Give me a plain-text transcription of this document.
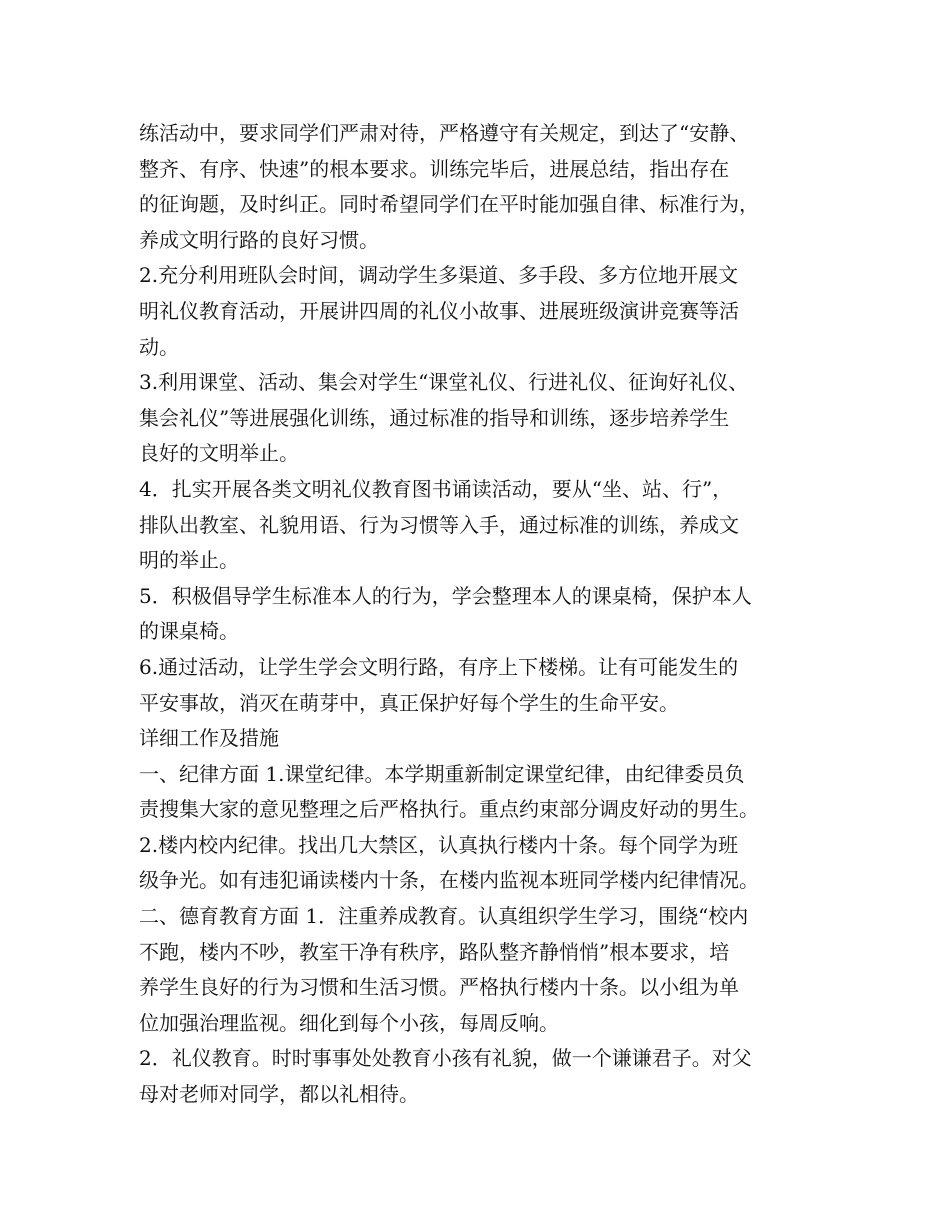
练活动中，要求同学们严肃对待，严格遵守有关规定，到达了“安静、
整齐、有序、快速”的根本要求。训练完毕后，进展总结，指出存在
的征询题，及时纠正。同时希望同学们在平时能加强自律、标准行为，
养成文明行路的良好习惯。
2.充分利用班队会时间，调动学生多渠道、多手段、多方位地开展文
明礼仪教育活动，开展讲四周的礼仪小故事、进展班级演讲竞赛等活
动。
3.利用课堂、活动、集会对学生“课堂礼仪、行进礼仪、征询好礼仪、
集会礼仪”等进展强化训练，通过标准的指导和训练，逐步培养学生
良好的文明举止。
4．扎实开展各类文明礼仪教育图书诵读活动，要从“坐、站、行”，
排队出教室、礼貌用语、行为习惯等入手，通过标准的训练，养成文
明的举止。
5．积极倡导学生标准本人的行为，学会整理本人的课桌椅，保护本人
的课桌椅。
6.通过活动，让学生学会文明行路，有序上下楼梯。让有可能发生的
平安事故，消灭在萌芽中，真正保护好每个学生的生命平安。
详细工作及措施
一、纪律方面 1.课堂纪律。本学期重新制定课堂纪律，由纪律委员负
责搜集大家的意见整理之后严格执行。重点约束部分调皮好动的男生。
2.楼内校内纪律。找出几大禁区，认真执行楼内十条。每个同学为班
级争光。如有违犯诵读楼内十条，在楼内监视本班同学楼内纪律情况。
二、德育教育方面 1．注重养成教育。认真组织学生学习，围绕“校内
不跑，楼内不吵，教室干净有秩序，路队整齐静悄悄”根本要求，培
养学生良好的行为习惯和生活习惯。严格执行楼内十条。以小组为单
位加强治理监视。细化到每个小孩，每周反响。
2．礼仪教育。时时事事处处教育小孩有礼貌，做一个谦谦君子。对父
母对老师对同学，都以礼相待。
